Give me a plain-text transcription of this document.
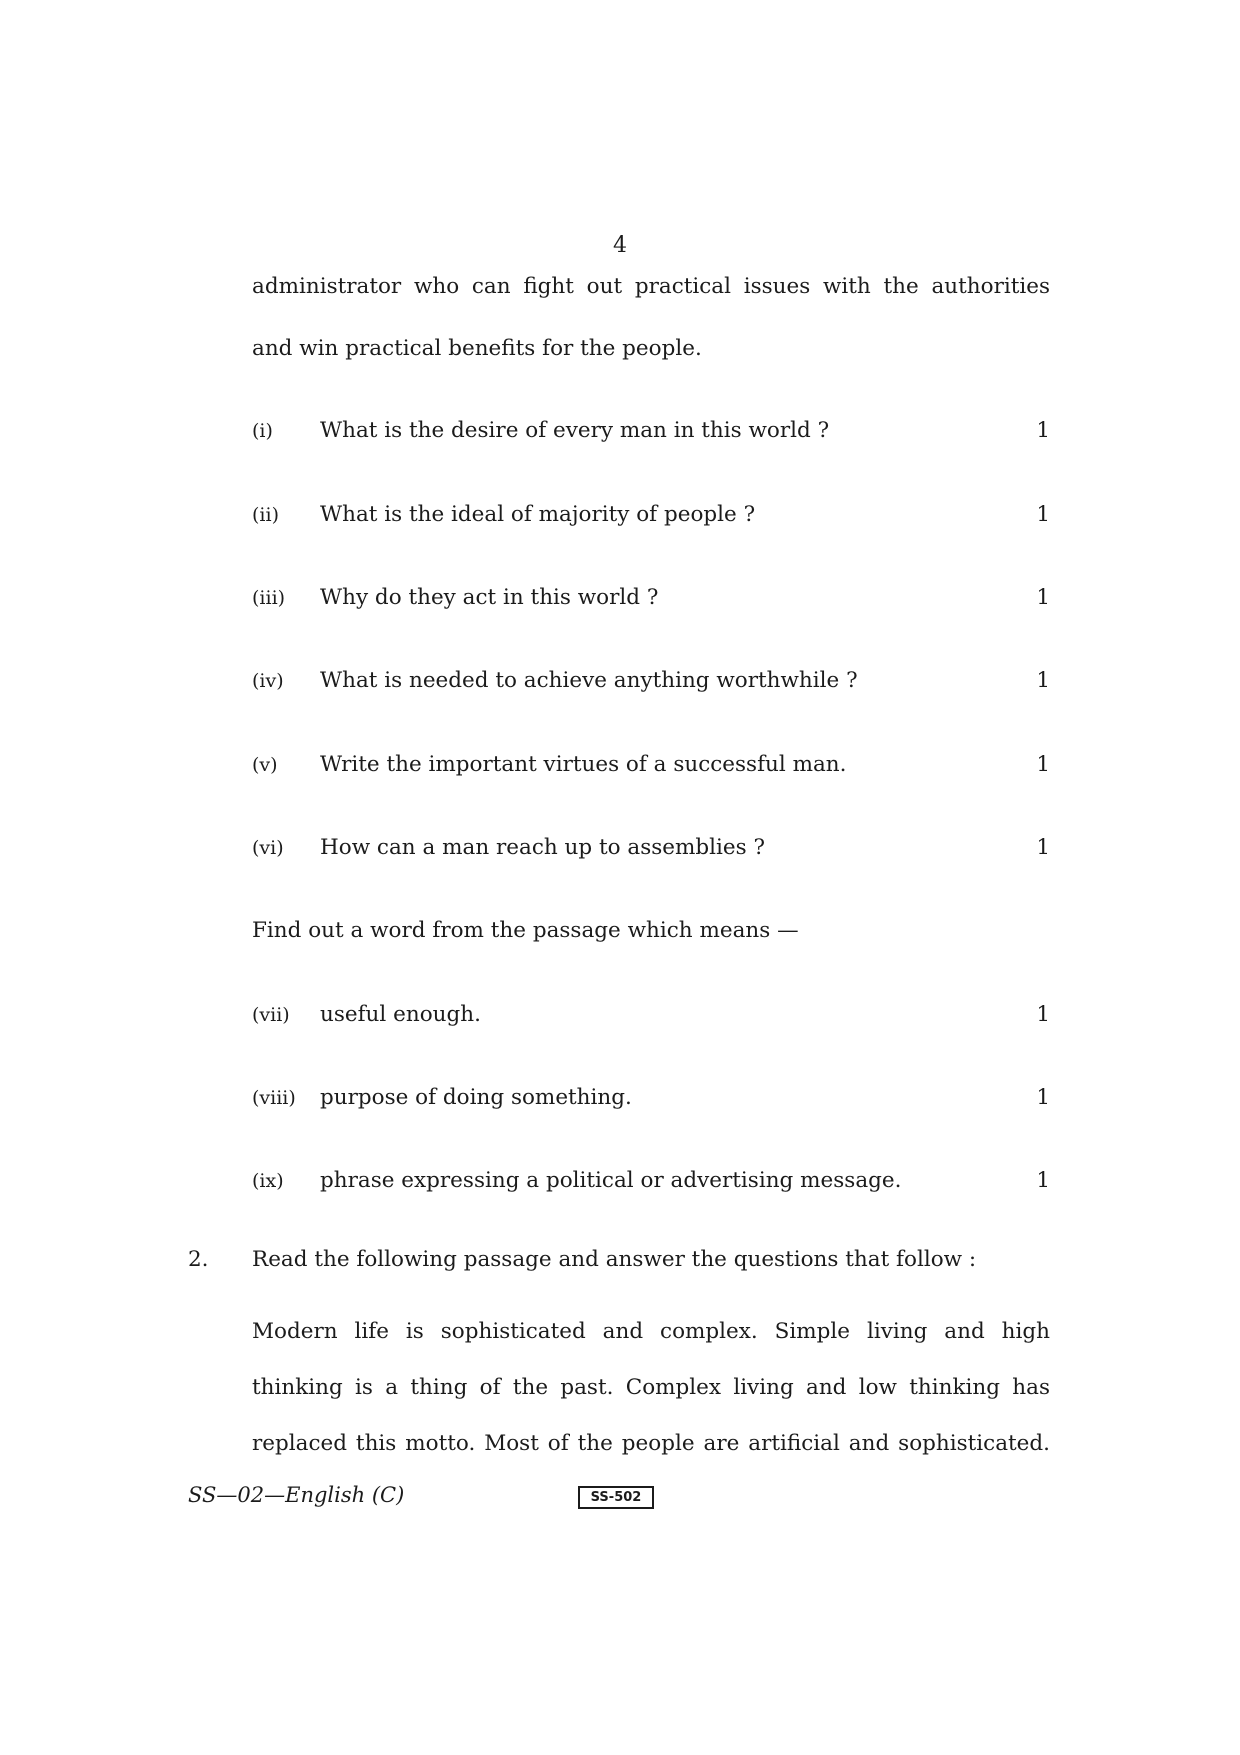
4
administrator who can fight out practical issues with the authorities
and win practical benefits for the people.
(i) What is the desire of every man in this world ?	1
(ii) What is the ideal of majority of people ?	1
(iii) Why do they act in this world ?	1
(iv) What is needed to achieve anything worthwhile ?	1
(v) Write the important virtues of a successful man.	1
(vi) How can a man reach up to assemblies ?	1
Find out a word from the passage which means —
(vii) useful enough.	1
(viii) purpose of doing something.	1
(ix) phrase expressing a political or advertising message.	1
2. Read the following passage and answer the questions that follow :
Modern life is sophisticated and complex. Simple living and high
thinking is a thing of the past. Complex living and low thinking has
replaced this motto. Most of the people are artificial and sophisticated.
SS—02—English (C)	SS-502
